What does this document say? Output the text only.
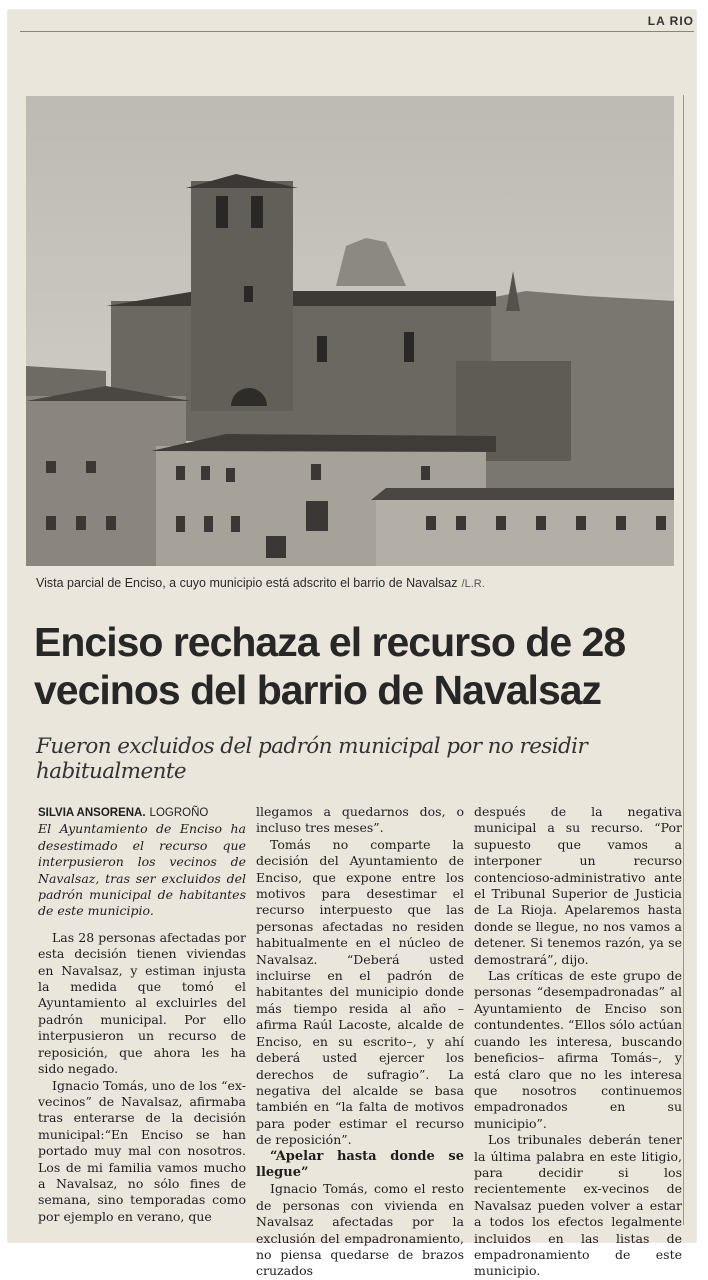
LA RIO
Vista parcial de Enciso, a cuyo municipio está adscrito el barrio de Navalsaz /L.R.
Enciso rechaza el recurso de 28 vecinos del barrio de Navalsaz
Fueron excluidos del padrón municipal por no residir habitualmente

SILVIA ANSORENA. LOGROÑO

El Ayuntamiento de Enciso ha desestimado el recurso que interpusieron los vecinos de Navalsaz, tras ser excluidos del padrón municipal de habitantes de este municipio.

Las 28 personas afectadas por esta decisión tienen viviendas en Navalsaz, y estiman injusta la medida que tomó el Ayuntamiento al excluirles del padrón municipal. Por ello interpusieron un recurso de reposición, que ahora les ha sido negado.

Ignacio Tomás, uno de los “ex-vecinos” de Navalsaz, afirmaba tras enterarse de la decisión municipal:“En Enciso se han portado muy mal con nosotros. Los de mi familia vamos mucho a Navalsaz, no sólo fines de semana, sino temporadas como por ejemplo en verano, que

llegamos a quedarnos dos, o incluso tres meses”.

Tomás no comparte la decisión del Ayuntamiento de Enciso, que expone entre los motivos para desestimar el recurso interpuesto que las personas afectadas no residen habitualmente en el núcleo de Navalsaz. “Deberá usted incluirse en el padrón de habitantes del municipio donde más tiempo resida al año –afirma Raúl Lacoste, alcalde de Enciso, en su escrito–, y ahí deberá usted ejercer los derechos de sufragio”. La negativa del alcalde se basa también en “la falta de motivos para poder estimar el recurso de reposición”.

“Apelar hasta donde se llegue”

Ignacio Tomás, como el resto de personas con vivienda en Navalsaz afectadas por la exclusión del empadronamiento, no piensa quedarse de brazos cruzados

después de la negativa municipal a su recurso. “Por supuesto que vamos a interponer un recurso contencioso-administrativo ante el Tribunal Superior de Justicia de La Rioja. Apelaremos hasta donde se llegue, no nos vamos a detener. Si tenemos razón, ya se demostrará”, dijo.

Las críticas de este grupo de personas “desempadronadas” al Ayuntamiento de Enciso son contundentes. “Ellos sólo actúan cuando les interesa, buscando beneficios– afirma Tomás–, y está claro que no les interesa que nosotros continuemos empadronados en su municipio”.

Los tribunales deberán tener la última palabra en este litigio, para decidir si los recientemente ex-vecinos de Navalsaz pueden volver a estar a todos los efectos legalmente incluidos en las listas de empadronamiento de este municipio.
